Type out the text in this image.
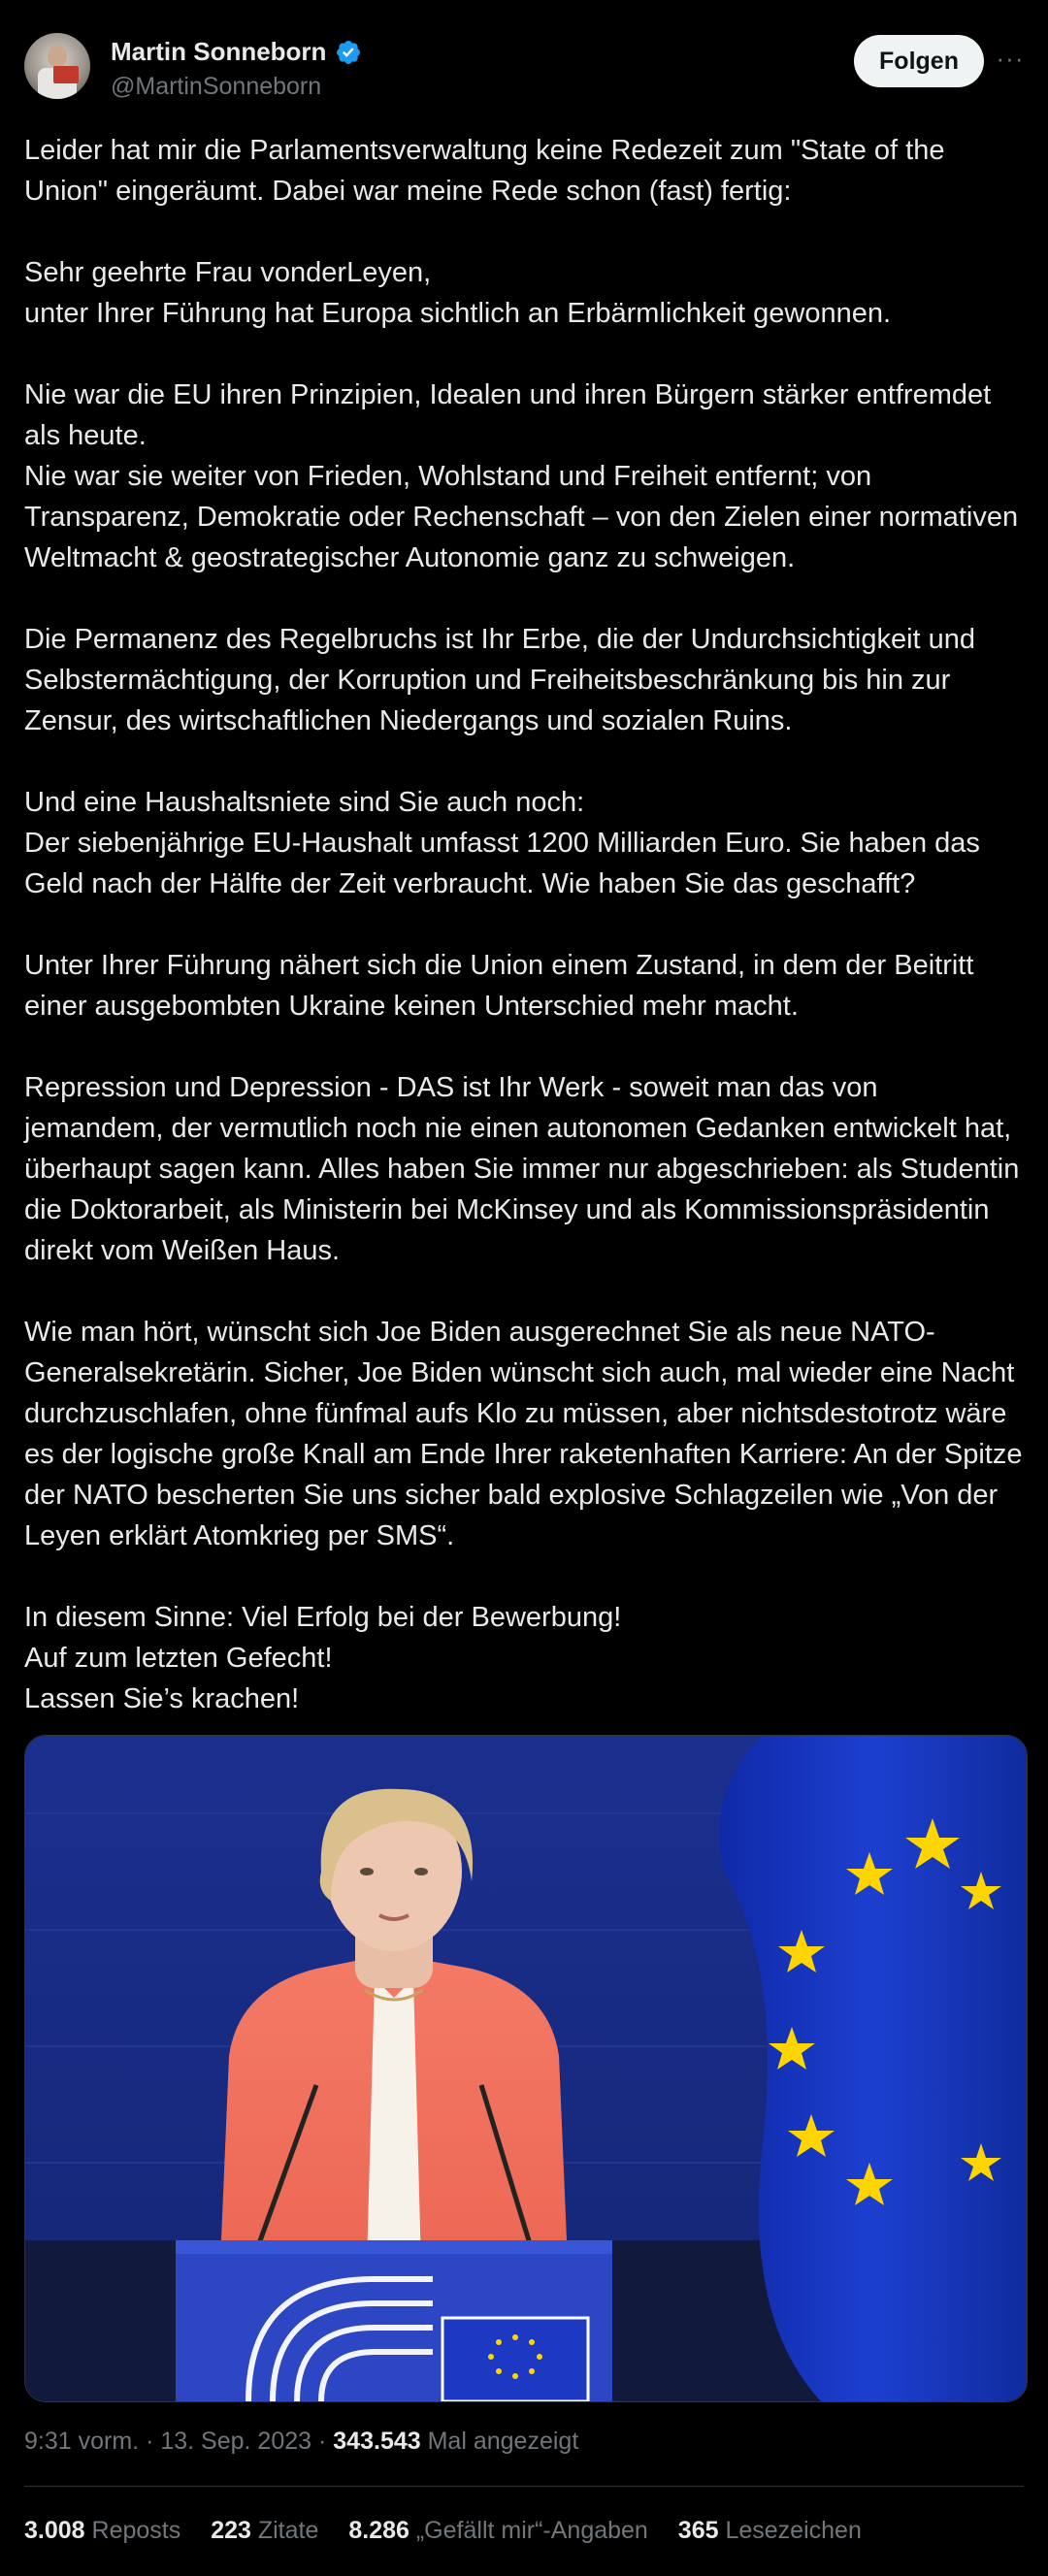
Martin Sonneborn
@MartinSonneborn
Folgen	···

Leider hat mir die Parlamentsverwaltung keine Redezeit zum "State of the Union" eingeräumt. Dabei war meine Rede schon (fast) fertig:

Sehr geehrte Frau vonderLeyen,
unter Ihrer Führung hat Europa sichtlich an Erbärmlichkeit gewonnen.

Nie war die EU ihren Prinzipien, Idealen und ihren Bürgern stärker entfremdet als heute.
Nie war sie weiter von Frieden, Wohlstand und Freiheit entfernt; von Transparenz, Demokratie oder Rechenschaft – von den Zielen einer normativen Weltmacht & geostrategischer Autonomie ganz zu schweigen.

Die Permanenz des Regelbruchs ist Ihr Erbe, die der Undurchsichtigkeit und Selbstermächtigung, der Korruption und Freiheitsbeschränkung bis hin zur Zensur, des wirtschaftlichen Niedergangs und sozialen Ruins.

Und eine Haushaltsniete sind Sie auch noch:
Der siebenjährige EU-Haushalt umfasst 1200 Milliarden Euro. Sie haben das Geld nach der Hälfte der Zeit verbraucht. Wie haben Sie das geschafft?

Unter Ihrer Führung nähert sich die Union einem Zustand, in dem der Beitritt einer ausgebombten Ukraine keinen Unterschied mehr macht.

Repression und Depression - DAS ist Ihr Werk - soweit man das von jemandem, der vermutlich noch nie einen autonomen Gedanken entwickelt hat, überhaupt sagen kann. Alles haben Sie immer nur abgeschrieben: als Studentin die Doktorarbeit, als Ministerin bei McKinsey und als Kommissionspräsidentin direkt vom Weißen Haus.

Wie man hört, wünscht sich Joe Biden ausgerechnet Sie als neue NATO-Generalsekretärin. Sicher, Joe Biden wünscht sich auch, mal wieder eine Nacht durchzuschlafen, ohne fünfmal aufs Klo zu müssen, aber nichtsdestotrotz wäre es der logische große Knall am Ende Ihrer raketenhaften Karriere: An der Spitze der NATO bescherten Sie uns sicher bald explosive Schlagzeilen wie „Von der Leyen erklärt Atomkrieg per SMS“.

In diesem Sinne: Viel Erfolg bei der Bewerbung!
Auf zum letzten Gefecht!
Lassen Sie’s krachen!

9:31 vorm. · 13. Sep. 2023 · 343.543 Mal angezeigt
3.008 Reposts 223 Zitate 8.286 „Gefällt mir“-Angaben 365 Lesezeichen
